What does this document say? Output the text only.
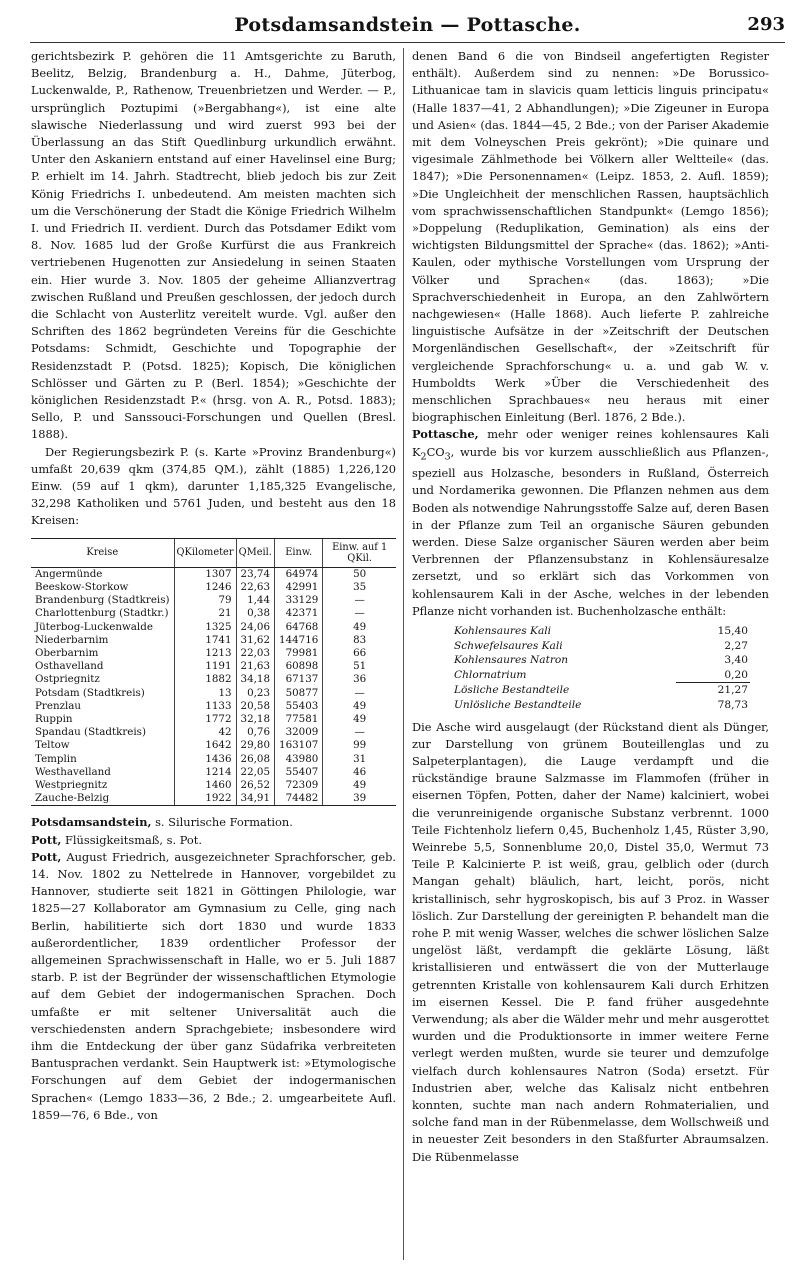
Potsdamsandstein — Pottasche.	293

gerichtsbezirk P. gehören die 11 Amtsgerichte zu Baruth, Beelitz, Belzig, Brandenburg a. H., Dahme, Jüterbog, Luckenwalde, P., Rathenow, Treuenbrietzen und Werder. — P., ursprünglich Poztupimi (»Bergabhang«), ist eine alte slawische Niederlassung und wird zuerst 993 bei der Überlassung an das Stift Quedlinburg urkundlich erwähnt. Unter den Askaniern entstand auf einer Havelinsel eine Burg; P. erhielt im 14. Jahrh. Stadtrecht, blieb jedoch bis zur Zeit König Friedrichs I. unbedeutend. Am meisten machten sich um die Verschönerung der Stadt die Könige Friedrich Wilhelm I. und Friedrich II. verdient. Durch das Potsdamer Edikt vom 8. Nov. 1685 lud der Große Kurfürst die aus Frankreich vertriebenen Hugenotten zur Ansiedelung in seinen Staaten ein. Hier wurde 3. Nov. 1805 der geheime Allianzvertrag zwischen Rußland und Preußen geschlossen, der jedoch durch die Schlacht von Austerlitz vereitelt wurde. Vgl. außer den Schriften des 1862 begründeten Vereins für die Geschichte Potsdams: Schmidt, Geschichte und Topographie der Residenzstadt P. (Potsd. 1825); Kopisch, Die königlichen Schlösser und Gärten zu P. (Berl. 1854); »Geschichte der königlichen Residenzstadt P.« (hrsg. von A. R., Potsd. 1883); Sello, P. und Sanssouci-Forschungen und Quellen (Bresl. 1888).

Der Regierungsbezirk P. (s. Karte »Provinz Brandenburg«) umfaßt 20,639 qkm (374,85 QM.), zählt (1885) 1,226,120 Einw. (59 auf 1 qkm), darunter 1,185,325 Evangelische, 32,298 Katholiken und 5761 Juden, und besteht aus den 18 Kreisen:

Kreise	QKilometer	QMeil.	Einw.	Einw. auf 1 QKil.
Angermünde	1307	23,74	64974	50
Beeskow-Storkow	1246	22,63	42991	35
Brandenburg (Stadtkreis)	79	1,44	33129	—
Charlottenburg (Stadtkr.)	21	0,38	42371	—
Jüterbog-Luckenwalde	1325	24,06	64768	49
Niederbarnim	1741	31,62	144716	83
Oberbarnim	1213	22,03	79981	66
Osthavelland	1191	21,63	60898	51
Ostpriegnitz	1882	34,18	67137	36
Potsdam (Stadtkreis)	13	0,23	50877	—
Prenzlau	1133	20,58	55403	49
Ruppin	1772	32,18	77581	49
Spandau (Stadtkreis)	42	0,76	32009	—
Teltow	1642	29,80	163107	99
Templin	1436	26,08	43980	31
Westhavelland	1214	22,05	55407	46
Westpriegnitz	1460	26,52	72309	49
Zauche-Belzig	1922	34,91	74482	39

Potsdamsandstein, s. Silurische Formation.

Pott, Flüssigkeitsmaß, s. Pot.

Pott, August Friedrich, ausgezeichneter Sprachforscher, geb. 14. Nov. 1802 zu Nettelrede in Hannover, vorgebildet zu Hannover, studierte seit 1821 in Göttingen Philologie, war 1825—27 Kollaborator am Gymnasium zu Celle, ging nach Berlin, habilitierte sich dort 1830 und wurde 1833 außerordentlicher, 1839 ordentlicher Professor der allgemeinen Sprachwissenschaft in Halle, wo er 5. Juli 1887 starb. P. ist der Begründer der wissenschaftlichen Etymologie auf dem Gebiet der indogermanischen Sprachen. Doch umfaßte er mit seltener Universalität auch die verschiedensten andern Sprachgebiete; insbesondere wird ihm die Entdeckung der über ganz Südafrika verbreiteten Bantusprachen verdankt. Sein Hauptwerk ist: »Etymologische Forschungen auf dem Gebiet der indogermanischen Sprachen« (Lemgo 1833—36, 2 Bde.; 2. umgearbeitete Aufl. 1859—76, 6 Bde., von

denen Band 6 die von Bindseil angefertigten Register enthält). Außerdem sind zu nennen: »De Borussico-Lithuanicae tam in slavicis quam letticis linguis principatu« (Halle 1837—41, 2 Abhandlungen); »Die Zigeuner in Europa und Asien« (das. 1844—45, 2 Bde.; von der Pariser Akademie mit dem Volneyschen Preis gekrönt); »Die quinare und vigesimale Zählmethode bei Völkern aller Weltteile« (das. 1847); »Die Personennamen« (Leipz. 1853, 2. Aufl. 1859); »Die Ungleichheit der menschlichen Rassen, hauptsächlich vom sprachwissenschaftlichen Standpunkt« (Lemgo 1856); »Doppelung (Reduplikation, Gemination) als eins der wichtigsten Bildungsmittel der Sprache« (das. 1862); »Anti-Kaulen, oder mythische Vorstellungen vom Ursprung der Völker und Sprachen« (das. 1863); »Die Sprachverschiedenheit in Europa, an den Zahlwörtern nachgewiesen« (Halle 1868). Auch lieferte P. zahlreiche linguistische Aufsätze in der »Zeitschrift der Deutschen Morgenländischen Gesellschaft«, der »Zeitschrift für vergleichende Sprachforschung« u. a. und gab W. v. Humboldts Werk »Über die Verschiedenheit des menschlichen Sprachbaues« neu heraus mit einer biographischen Einleitung (Berl. 1876, 2 Bde.).

Pottasche, mehr oder weniger reines kohlensaures Kali $K_2CO_3$, wurde bis vor kurzem ausschließlich aus Pflanzen-, speziell aus Holzasche, besonders in Rußland, Österreich und Nordamerika gewonnen. Die Pflanzen nehmen aus dem Boden als notwendige Nahrungsstoffe Salze auf, deren Basen in der Pflanze zum Teil an organische Säuren gebunden werden. Diese Salze organischer Säuren werden aber beim Verbrennen der Pflanzensubstanz in Kohlensäuresalze zersetzt, und so erklärt sich das Vorkommen von kohlensaurem Kali in der Asche, welches in der lebenden Pflanze nicht vorhanden ist. Buchenholzasche enthält:

Kohlensaures Kali	15,40
Schwefelsaures Kali	2,27
Kohlensaures Natron	3,40
Chlornatrium	0,20
Lösliche Bestandteile	21,27
Unlösliche Bestandteile	78,73

Die Asche wird ausgelaugt (der Rückstand dient als Dünger, zur Darstellung von grünem Bouteillenglas und zu Salpeterplantagen), die Lauge verdampft und die rückständige braune Salzmasse im Flammofen (früher in eisernen Töpfen, Potten, daher der Name) kalciniert, wobei die verunreinigende organische Substanz verbrennt. 1000 Teile Fichtenholz liefern 0,45, Buchenholz 1,45, Rüster 3,90, Weinrebe 5,5, Sonnenblume 20,0, Distel 35,0, Wermut 73 Teile P. Kalcinierte P. ist weiß, grau, gelblich oder (durch Mangan gehalt) bläulich, hart, leicht, porös, nicht kristallinisch, sehr hygroskopisch, bis auf 3 Proz. in Wasser löslich. Zur Darstellung der gereinigten P. behandelt man die rohe P. mit wenig Wasser, welches die schwer löslichen Salze ungelöst läßt, verdampft die geklärte Lösung, läßt kristallisieren und entwässert die von der Mutterlauge getrennten Kristalle von kohlensaurem Kali durch Erhitzen im eisernen Kessel. Die P. fand früher ausgedehnte Verwendung; als aber die Wälder mehr und mehr ausgerottet wurden und die Produktionsorte in immer weitere Ferne verlegt werden mußten, wurde sie teurer und demzufolge vielfach durch kohlensaures Natron (Soda) ersetzt. Für Industrien aber, welche das Kalisalz nicht entbehren konnten, suchte man nach andern Rohmaterialien, und solche fand man in der Rübenmelasse, dem Wollschweiß und in neuester Zeit besonders in den Staßfurter Abraumsalzen. Die Rübenmelasse
